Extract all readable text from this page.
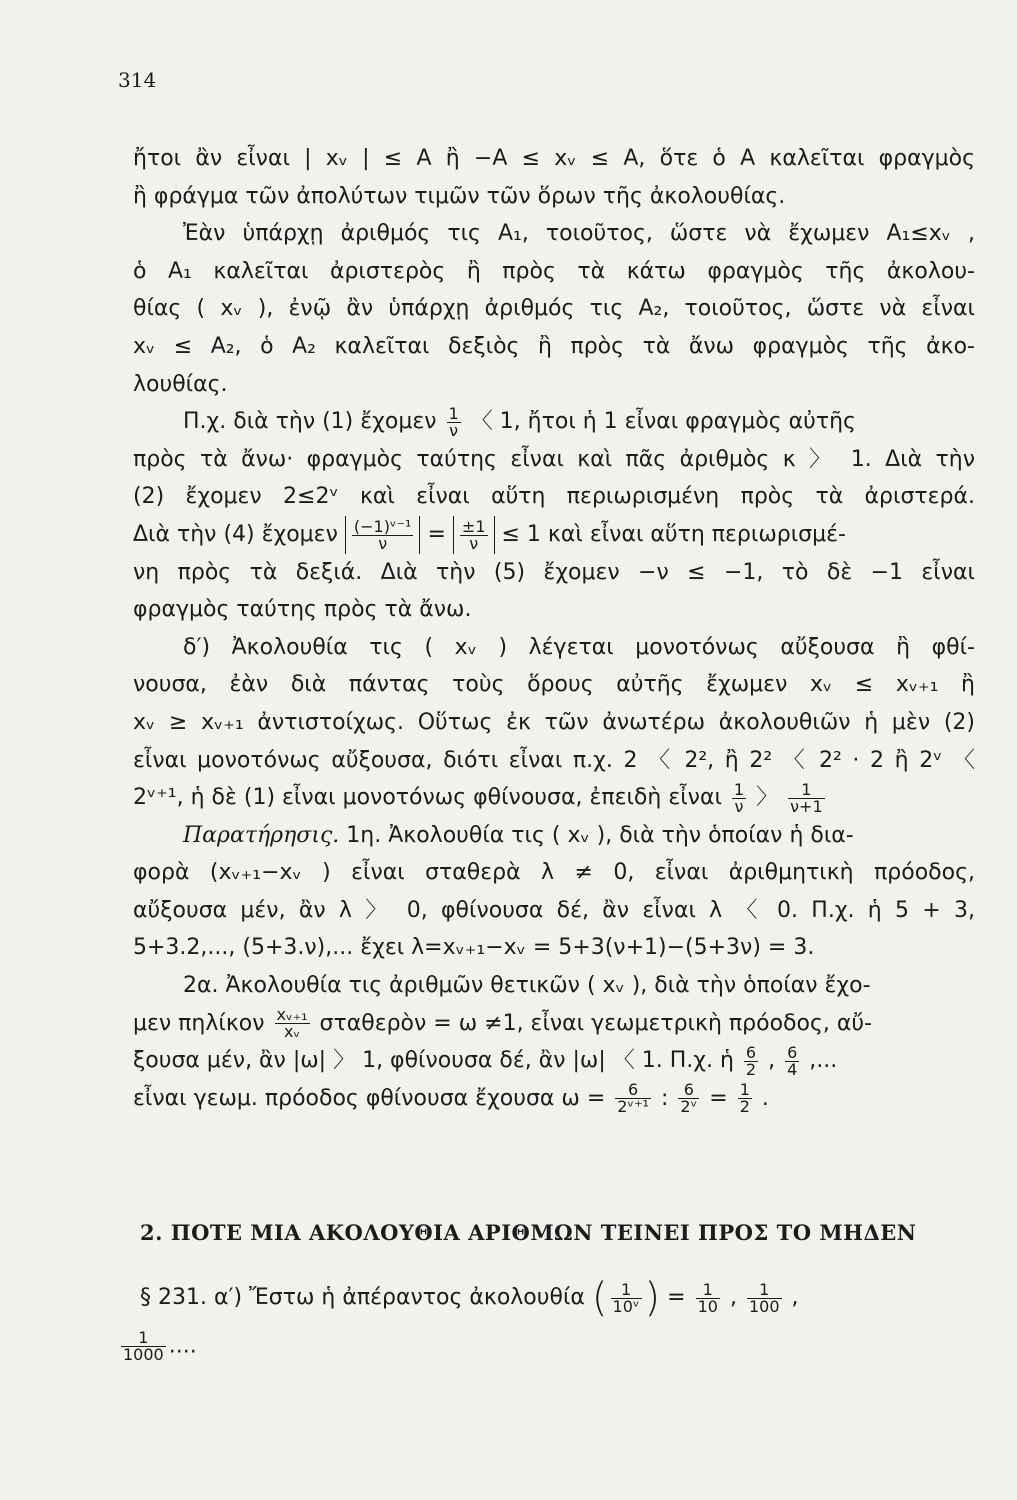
314
ἤτοι ἂν εἶναι | xᵥ | ≤ Α ἢ −Α ≤ xᵥ ≤ Α, ὅτε ὁ Α καλεῖται φραγμὸς
ἢ φράγμα τῶν ἀπολύτων τιμῶν τῶν ὅρων τῆς ἀκολουθίας.
Ἐὰν ὑπάρχῃ ἀριθμός τις Α₁, τοιοῦτος, ὥστε νὰ ἔχωμεν Α₁≤xᵥ ,
ὁ Α₁ καλεῖται ἀριστερὸς ἢ πρὸς τὰ κάτω φραγμὸς τῆς ἀκολου-
θίας ( xᵥ ), ἐνῷ ἂν ὑπάρχῃ ἀριθμός τις Α₂, τοιοῦτος, ὥστε νὰ εἶναι
xᵥ ≤ Α₂, ὁ Α₂ καλεῖται δεξιὸς ἢ πρὸς τὰ ἄνω φραγμὸς τῆς ἀκο-
λουθίας.
Π.χ. διὰ τὴν (1) ἔχομεν $\frac{1}{\nu}$ 〈 1, ἤτοι ἡ 1 εἶναι φραγμὸς αὐτῆς
πρὸς τὰ ἄνω· φραγμὸς ταύτης εἶναι καὶ πᾶς ἀριθμὸς κ 〉 1. Διὰ τὴν
(2) ἔχομεν 2≤2ᵛ καὶ εἶναι αὕτη περιωρισμένη πρὸς τὰ ἀριστερά.
Διὰ τὴν (4) ἔχομεν $\frac{\text{(−1)ᵛ⁻¹}}{\nu} = \frac{\pm 1}{\nu} \le 1$ καὶ εἶναι αὕτη περιωρισμέ-
νη πρὸς τὰ δεξιά. Διὰ τὴν (5) ἔχομεν −ν ≤ −1, τὸ δὲ −1 εἶναι
φραγμὸς ταύτης πρὸς τὰ ἄνω.
δ′) Ἀκολουθία τις ( xᵥ ) λέγεται μονοτόνως αὔξουσα ἢ φθί-
νουσα, ἐὰν διὰ πάντας τοὺς ὅρους αὐτῆς ἔχωμεν xᵥ ≤ xᵥ₊₁ ἢ
xᵥ ≥ xᵥ₊₁ ἀντιστοίχως. Οὕτως ἐκ τῶν ἀνωτέρω ἀκολουθιῶν ἡ μὲν (2)
εἶναι μονοτόνως αὔξουσα, διότι εἶναι π.χ. 2 〈 2², ἢ 2² 〈 2² · 2 ἢ 2ᵛ 〈
2ᵛ⁺¹, ἡ δὲ (1) εἶναι μονοτόνως φθίνουσα, ἐπειδὴ εἶναι $\frac{1}{\nu}$ 〉 $\frac{1}{\nu+1}$
Παρατήρησις. 1η. Ἀκολουθία τις ( xᵥ ), διὰ τὴν ὁποίαν ἡ δια-
φορὰ (xᵥ₊₁−xᵥ ) εἶναι σταθερὰ λ ≠ 0, εἶναι ἀριθμητικὴ πρόοδος,
αὔξουσα μέν, ἂν λ 〉 0, φθίνουσα δέ, ἂν εἶναι λ 〈 0. Π.χ. ἡ 5 + 3,
5+3.2,..., (5+3.ν),... ἔχει λ=xᵥ₊₁−xᵥ = 5+3(ν+1)−(5+3ν) = 3.
2α. Ἀκολουθία τις ἀριθμῶν θετικῶν ( xᵥ ), διὰ τὴν ὁποίαν ἔχο-
μεν πηλίκον $\frac{\text{xᵥ₊₁}}{\text{xᵥ}}$ σταθερὸν = ω ≠1, εἶναι γεωμετρικὴ πρόοδος, αὔ-
ξουσα μέν, ἂν |ω| 〉 1, φθίνουσα δέ, ἂν |ω| 〈 1. Π.χ. ἡ $\frac{6}{2}$ , $\frac{6}{4}$ ,...
εἶναι γεωμ. πρόοδος φθίνουσα ἔχουσα $\omega = \frac{6}{\text{2ᵛ⁺¹}}$ : $\frac{6}{\text{2ᵛ}} = \frac{1}{2}$ .
2. ΠΟΤΕ ΜΙΑ ΑΚΟΛΟΥΘΙΑ ΑΡΙΘΜΩΝ ΤΕΙΝΕΙ ΠΡΟΣ ΤΟ ΜΗΔΕΝ
§ 231. α′) Ἔστω ἡ ἀπέραντος ἀκολουθία ( $\frac{1}{\text{10ᵛ}}$ ) = $\frac{1}{10}$ , $\frac{1}{100}$ ,
$\frac{1}{1000}$ ....
